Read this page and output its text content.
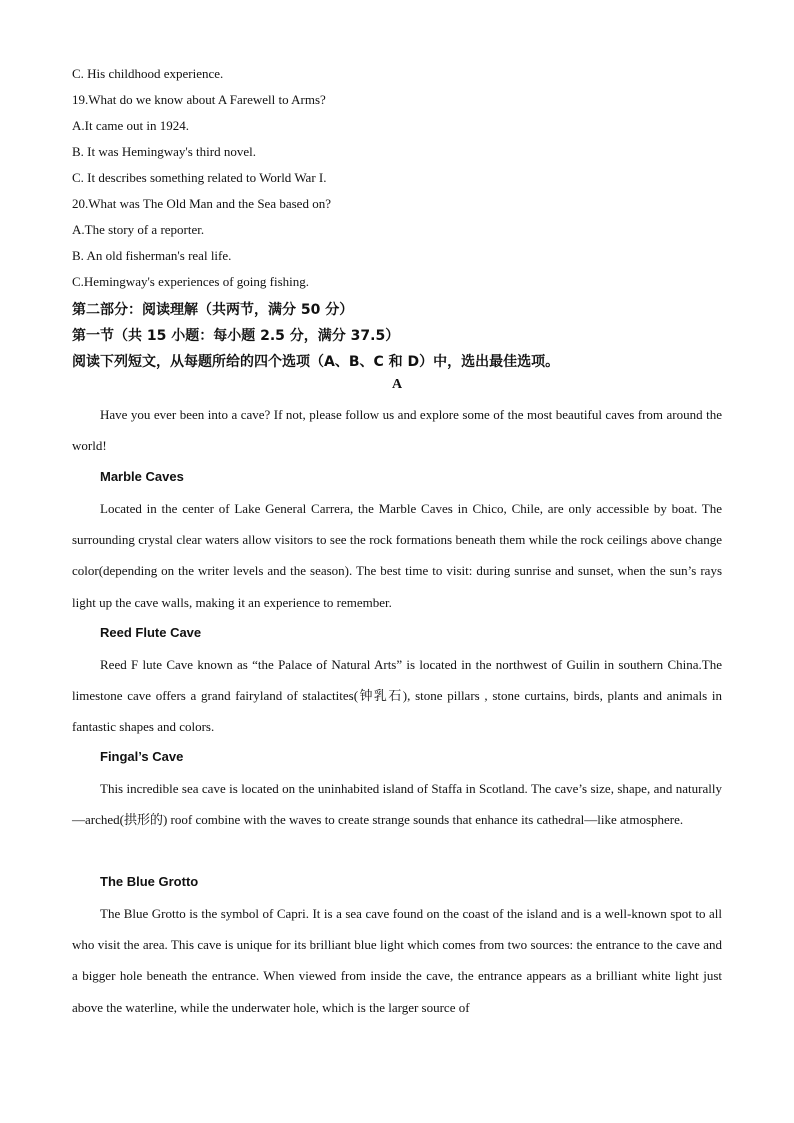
C. His childhood experience.
19.What do we know about A Farewell to Arms?
A.It came out in 1924.
B. It was Hemingway's third novel.
C. It describes something related to World War I.
20.What was The Old Man and the Sea based on?
A.The story of a reporter.
B. An old fisherman's real life.
C.Hemingway's experiences of going fishing.
第二部分：阅读理解（共两节，满分 50 分）
第一节（共 15 小题：每小题 2.5 分，满分 37.5）
阅读下列短文，从每题所给的四个选项（A、B、C 和 D）中，选出最佳选项。
A

Have you ever been into a cave? If not, please follow us and explore some of the most beautiful caves from around the world!

Marble Caves

Located in the center of Lake General Carrera, the Marble Caves in Chico, Chile, are only accessible by boat. The surrounding crystal clear waters allow visitors to see the rock formations beneath them while the rock ceilings above change color(depending on the writer levels and the season). The best time to visit: during sunrise and sunset, when the sun’s rays light up the cave walls, making it an experience to remember.

Reed Flute Cave

Reed F lute Cave known as “the Palace of Natural Arts” is located in the northwest of Guilin in southern China.The limestone cave offers a grand fairyland of stalactites(钟乳石), stone pillars , stone curtains, birds, plants and animals in fantastic shapes and colors.

Fingal’s Cave

This incredible sea cave is located on the uninhabited island of Staffa in Scotland. The cave’s size, shape, and naturally—arched(拱形的) roof combine with the waves to create strange sounds that enhance its cathedral—like atmosphere.

The Blue Grotto

The Blue Grotto is the symbol of Capri. It is a sea cave found on the coast of the island and is a well-known spot to all who visit the area. This cave is unique for its brilliant blue light which comes from two sources: the entrance to the cave and a bigger hole beneath the entrance. When viewed from inside the cave, the entrance appears as a brilliant white light just above the waterline, while the underwater hole, which is the larger source of
